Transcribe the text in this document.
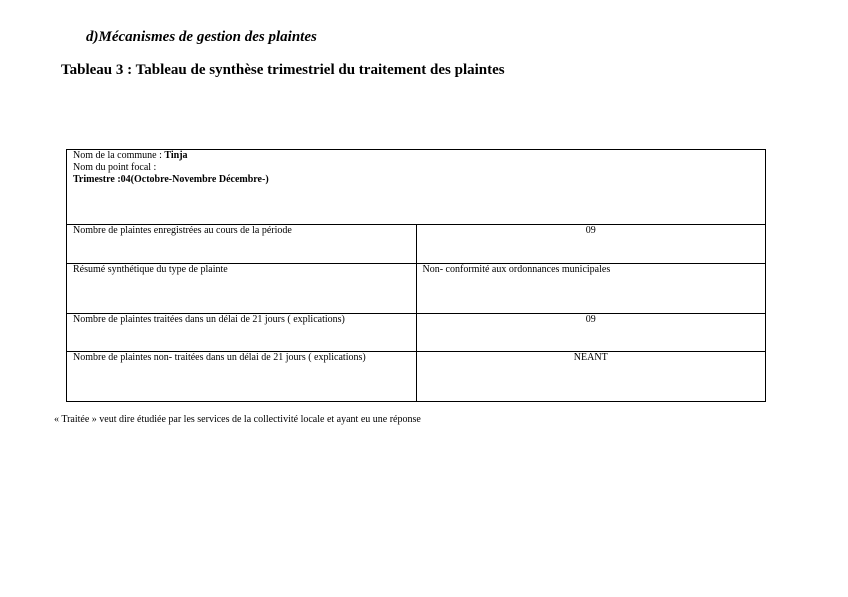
d)Mécanismes de gestion des plaintes
Tableau 3 : Tableau de synthèse trimestriel du traitement des plaintes
Nom de la commune : Tinja
Nom du point focal :
Trimestre :04(Octobre-Novembre Décembre-)	

Nombre de plaintes enregistrées au cours de la période	09
Résumé synthétique du type de plainte	Non- conformité aux ordonnances municipales
Nombre de plaintes traitées dans un délai de 21 jours ( explications)	09
Nombre de plaintes non- traitées dans un délai de 21 jours ( explications)	NEANT
« Traitée » veut dire étudiée par les services de la collectivité locale et ayant eu une réponse
